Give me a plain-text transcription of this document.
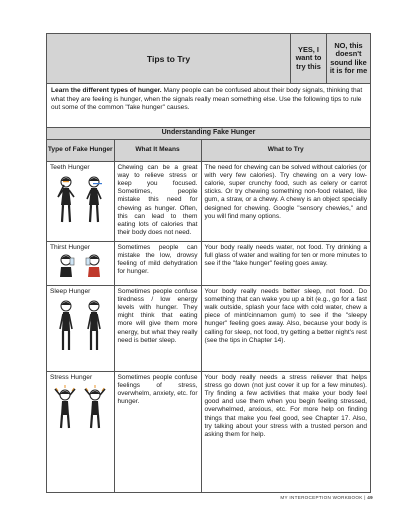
Tips to Try	YES, I want to try this	NO, this doesn't sound like it is for me
Learn the different types of hunger. Many people can be confused about their body signals, thinking that what they are feeling is hunger, when the signals really mean something else. Use the following tips to rule out some of the common "fake hunger" causes.

Understanding Fake Hunger
Type of Fake Hunger	What It Means	What to Try

Teeth Hunger	Chewing can be a great way to relieve stress or keep you focused. Sometimes, people mistake this need for chewing as hunger. Often, this can lead to them eating lots of calories that their body does not need.	The need for chewing can be solved without calories (or with very few calories). Try chewing on a very low-calorie, super crunchy food, such as celery or carrot sticks. Or try chewing something non-food related, like gum, a straw, or a chewy. A chewy is an object specially designed for chewing. Google "sensory chewies," and you will find many options.

Thirst Hunger	Sometimes people can mistake the low, drowsy feeling of mild dehydration for hunger.	Your body really needs water, not food. Try drinking a full glass of water and waiting for ten or more minutes to see if the "fake hunger" feeling goes away.

Sleep Hunger	Sometimes people confuse tiredness / low energy levels with hunger. They might think that eating more will give them more energy, but what they really need is better sleep.	Your body really needs better sleep, not food. Do something that can wake you up a bit (e.g., go for a fast walk outside, splash your face with cold water, chew a piece of mint/cinnamon gum) to see if the "sleepy hunger" feeling goes away. Also, because your body is calling for sleep, not food, try getting a better night's rest (see the tips in Chapter 14).

Stress Hunger	Sometimes people confuse feelings of stress, overwhelm, anxiety, etc. for hunger.	Your body really needs a stress reliever that helps stress go down (not just cover it up for a few minutes). Try finding a few activities that make your body feel good and use them when you begin feeling stressed, overwhelmed, anxious, etc. For more help on finding things that make you feel good, see Chapter 17. Also, try talking about your stress with a trusted person and asking them for help.
MY INTEROCEPTION WORKBOOK | 49
